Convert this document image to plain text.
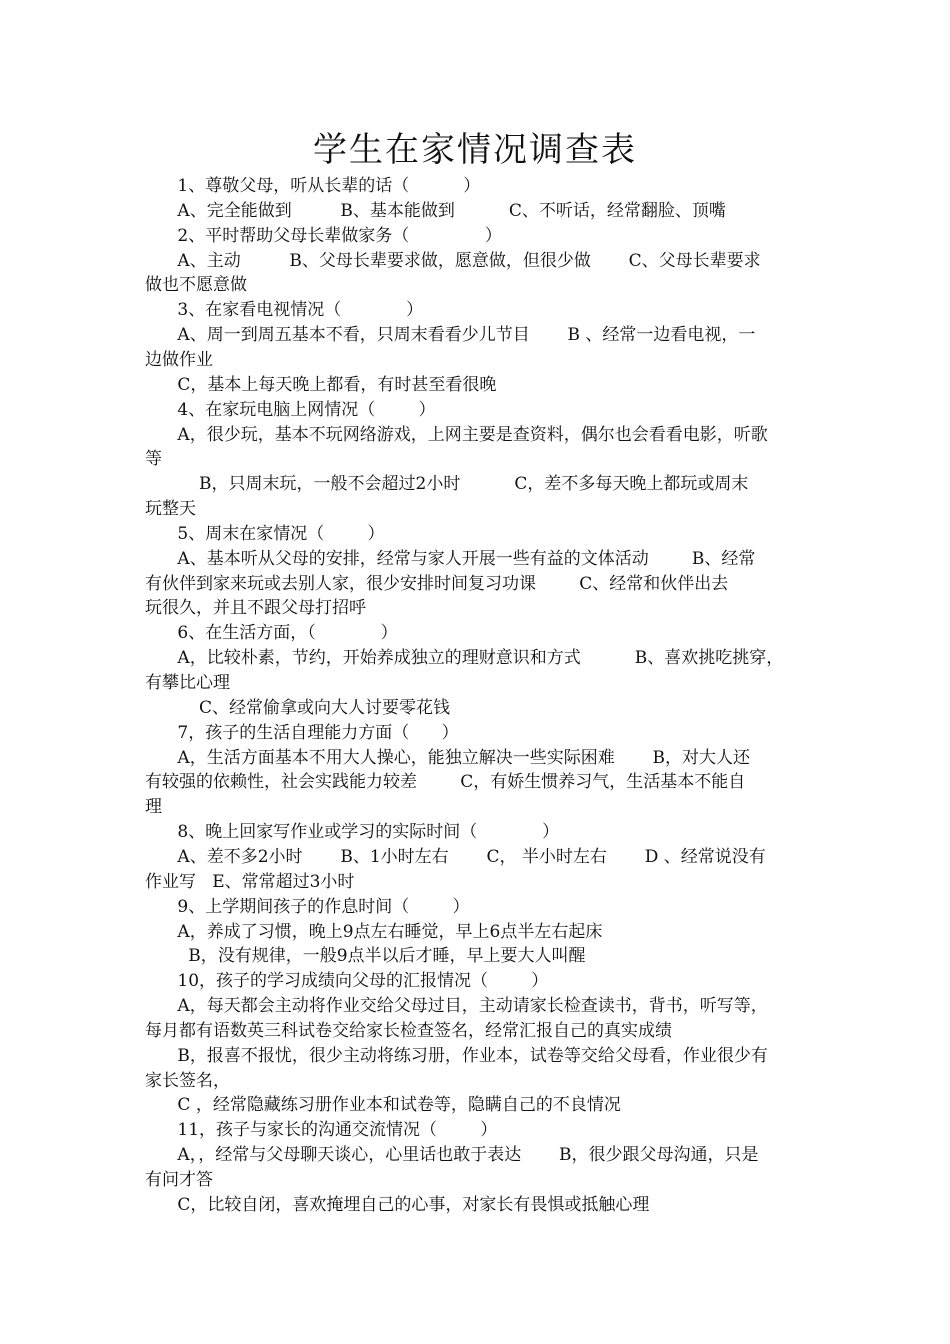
学生在家情况调查表
1、尊敬父母，听从长辈的话（          ）
A、完全能做到         B、基本能做到          C、不听话，经常翻脸、顶嘴
2、平时帮助父母长辈做家务（              ）
A、主动         B、父母长辈要求做，愿意做，但很少做       C、父母长辈要求
做也不愿意做
3、在家看电视情况（            ）
A、周一到周五基本不看，只周末看看少儿节目       B 、经常一边看电视，一
边做作业
C，基本上每天晚上都看，有时甚至看很晚
4、在家玩电脑上网情况（        ）
A，很少玩，基本不玩网络游戏，上网主要是查资料，偶尔也会看看电影，听歌
等
B，只周末玩，一般不会超过2小时          C，差不多每天晚上都玩或周末
玩整天
5、周末在家情况（        ）
A、基本听从父母的安排，经常与家人开展一些有益的文体活动        B、经常
有伙伴到家来玩或去别人家，很少安排时间复习功课        C、经常和伙伴出去
玩很久，并且不跟父母打招呼
6、在生活方面，（            ）
A，比较朴素，节约，开始养成独立的理财意识和方式          B、喜欢挑吃挑穿，
有攀比心理
C、经常偷拿或向大人讨要零花钱
7，孩子的生活自理能力方面（      ）
A，生活方面基本不用大人操心，能独立解决一些实际困难       B，对大人还
有较强的依赖性，社会实践能力较差        C，有娇生惯养习气，生活基本不能自
理
8、晚上回家写作业或学习的实际时间（            ）
A、差不多2小时       B、1小时左右       C， 半小时左右       D 、经常说没有
作业写   E、常常超过3小时
9、上学期间孩子的作息时间（        ）
A，养成了习惯，晚上9点左右睡觉，早上6点半左右起床
B，没有规律，一般9点半以后才睡，早上要大人叫醒
10，孩子的学习成绩向父母的汇报情况（        ）
A，每天都会主动将作业交给父母过目，主动请家长检查读书，背书，听写等，
每月都有语数英三科试卷交给家长检查签名，经常汇报自己的真实成绩
B，报喜不报忧，很少主动将练习册，作业本，试卷等交给父母看，作业很少有
家长签名，
C ，经常隐藏练习册作业本和试卷等，隐瞒自己的不良情况
11，孩子与家长的沟通交流情况（        ）
A，，经常与父母聊天谈心，心里话也敢于表达       B，很少跟父母沟通，只是
有问才答
C，比较自闭，喜欢掩埋自己的心事，对家长有畏惧或抵触心理
